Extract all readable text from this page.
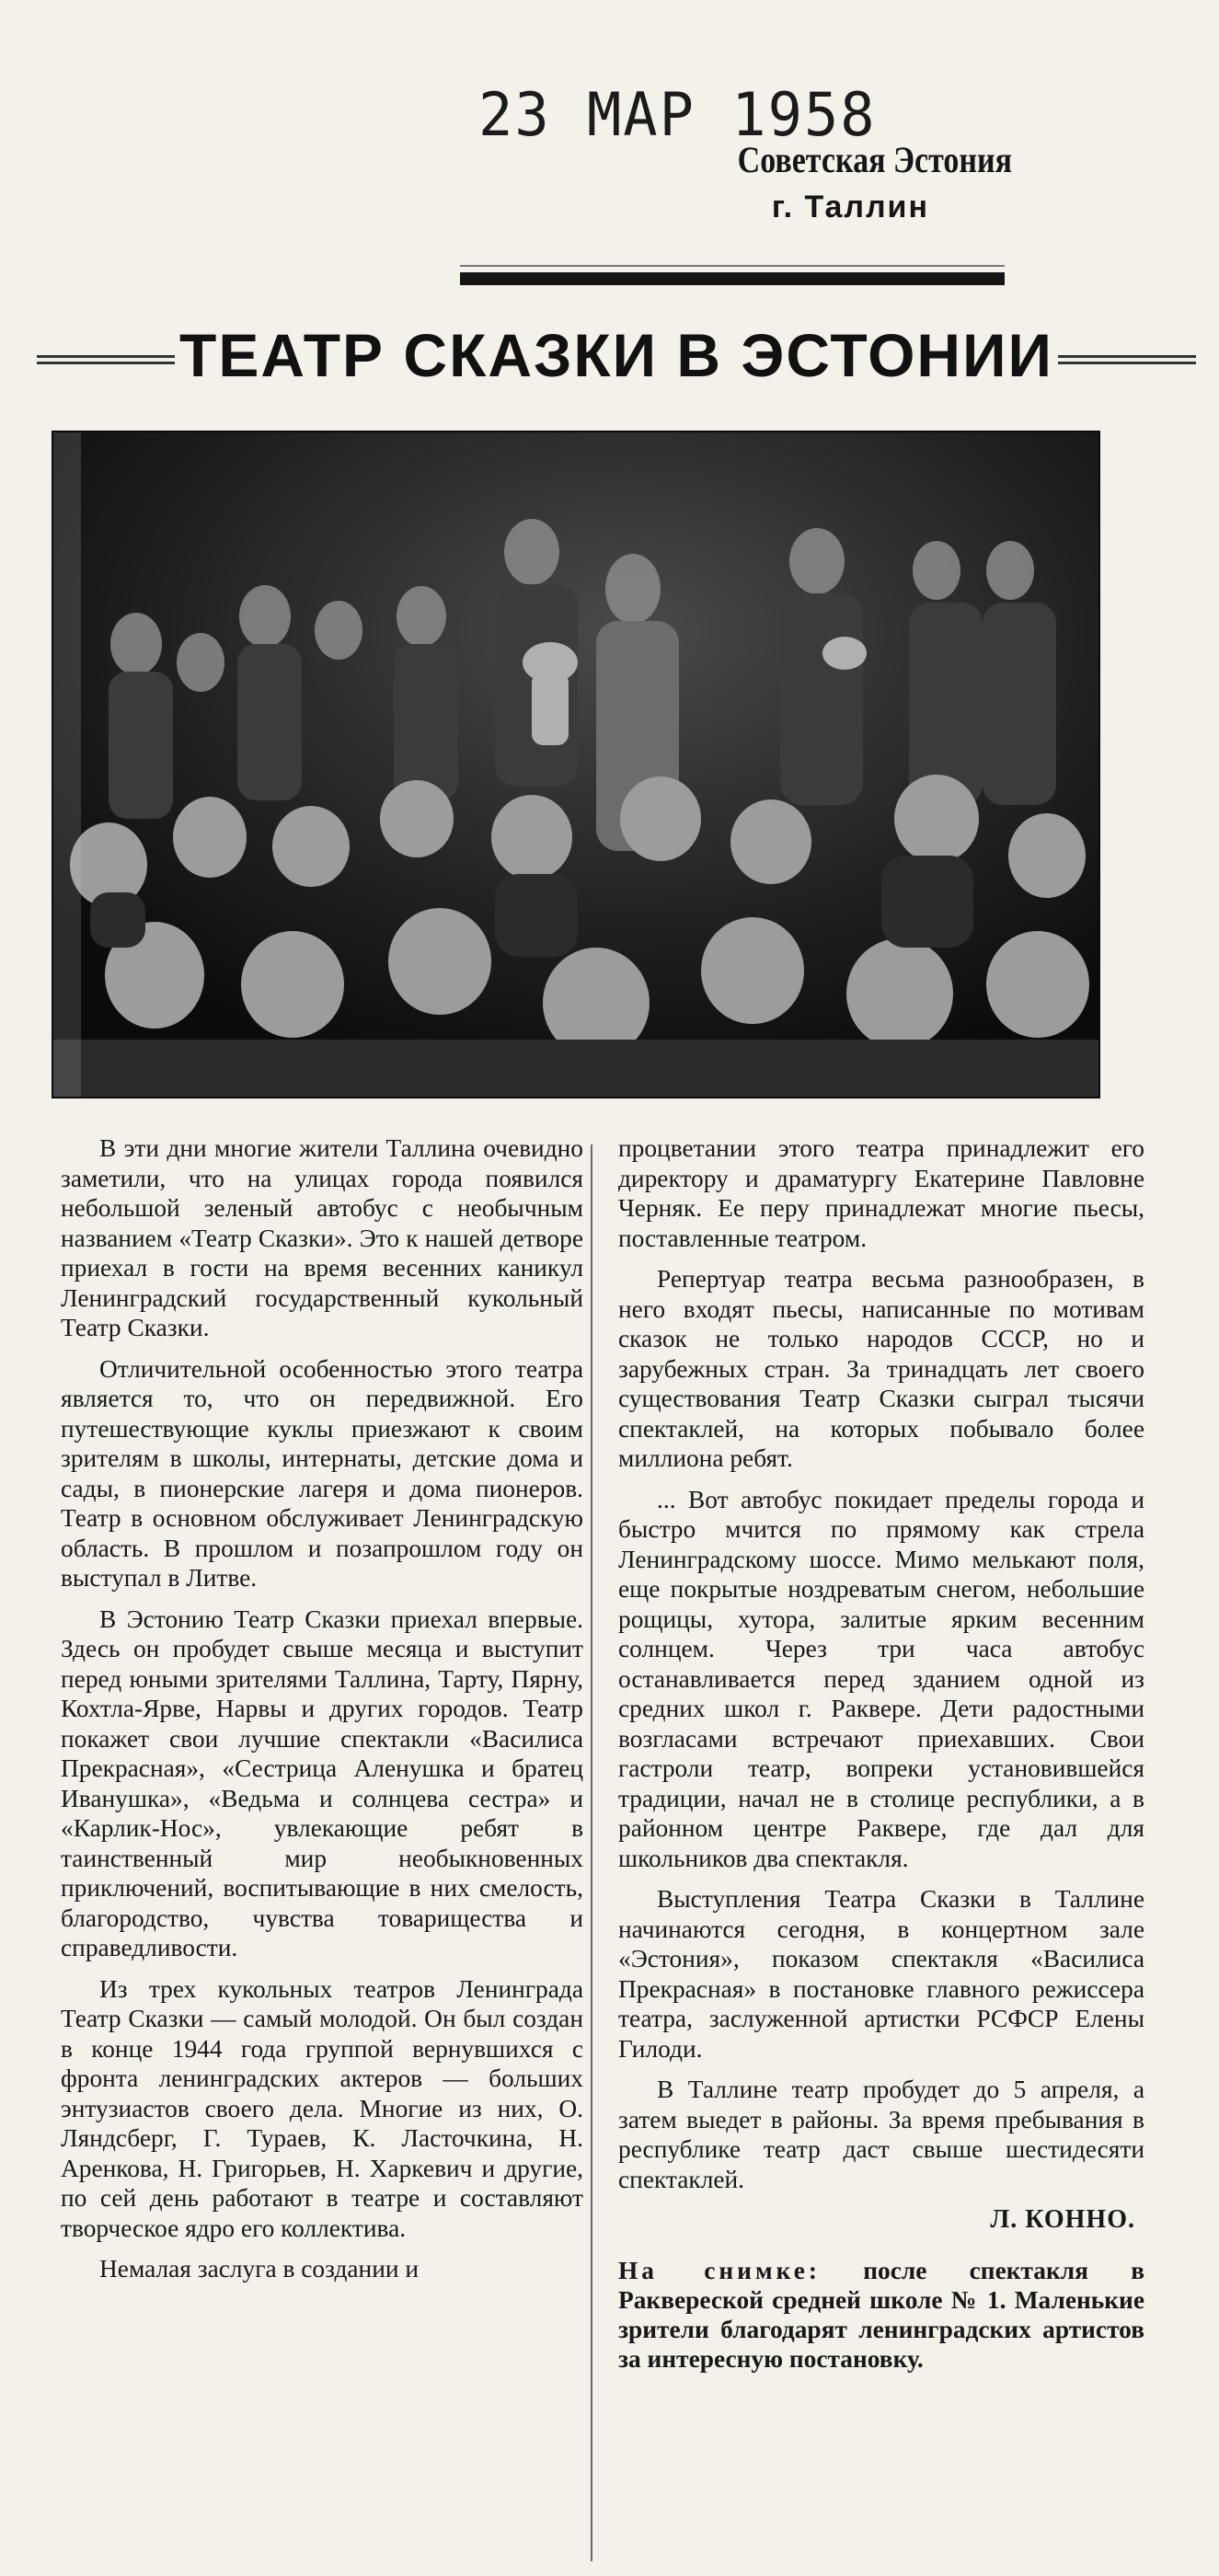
23 МАР 1958
Советская Эстония
г. Таллин
ТЕАТР СКАЗКИ В ЭСТОНИИ

В эти дни многие жители Таллина очевидно заметили, что на улицах города появился небольшой зеленый автобус с необычным названием «Театр Сказки». Это к нашей детворе приехал в гости на время весенних каникул Ленинградский государственный кукольный Театр Сказки.

Отличительной особенностью этого театра является то, что он передвижной. Его путешествующие куклы приезжают к своим зрителям в школы, интернаты, детские дома и сады, в пионерские лагеря и дома пионеров. Театр в основном обслуживает Ленинградскую область. В прошлом и позапрошлом году он выступал в Литве.

В Эстонию Театр Сказки приехал впервые. Здесь он пробудет свыше месяца и выступит перед юными зрителями Таллина, Тарту, Пярну, Кохтла-Ярве, Нарвы и других городов. Театр покажет свои лучшие спектакли «Василиса Прекрасная», «Сестрица Аленушка и братец Иванушка», «Ведьма и солнцева сестра» и «Карлик-Нос», увлекающие ребят в таинственный мир необыкновенных приключений, воспитывающие в них смелость, благородство, чувства товарищества и справедливости.

Из трех кукольных театров Ленинграда Театр Сказки — самый молодой. Он был создан в конце 1944 года группой вернувшихся с фронта ленинградских актеров — больших энтузиастов своего дела. Многие из них, О. Ляндсберг, Г. Тураев, К. Ласточкина, Н. Аренкова, Н. Григорьев, Н. Харкевич и другие, по сей день работают в театре и составляют творческое ядро его коллектива.

Немалая заслуга в создании и

процветании этого театра принадлежит его директору и драматургу Екатерине Павловне Черняк. Ее перу принадлежат многие пьесы, поставленные театром.

Репертуар театра весьма разнообразен, в него входят пьесы, написанные по мотивам сказок не только народов СССР, но и зарубежных стран. За тринадцать лет своего существования Театр Сказки сыграл тысячи спектаклей, на которых побывало более миллиона ребят.

... Вот автобус покидает пределы города и быстро мчится по прямому как стрела Ленинградскому шоссе. Мимо мелькают поля, еще покрытые ноздреватым снегом, небольшие рощицы, хутора, залитые ярким весенним солнцем. Через три часа автобус останавливается перед зданием одной из средних школ г. Раквере. Дети радостными возгласами встречают приехавших. Свои гастроли театр, вопреки установившейся традиции, начал не в столице республики, а в районном центре Раквере, где дал для школьников два спектакля.

Выступления Театра Сказки в Таллине начинаются сегодня, в концертном зале «Эстония», показом спектакля «Василиса Прекрасная» в постановке главного режиссера театра, заслуженной артистки РСФСР Елены Гилоди.

В Таллине театр пробудет до 5 апреля, а затем выедет в районы. За время пребывания в республике театр даст свыше шестидесяти спектаклей.

Л. КОННО.

На снимке: после спектакля в Раквереской средней школе № 1. Маленькие зрители благодарят ленинградских артистов за интересную постановку.
